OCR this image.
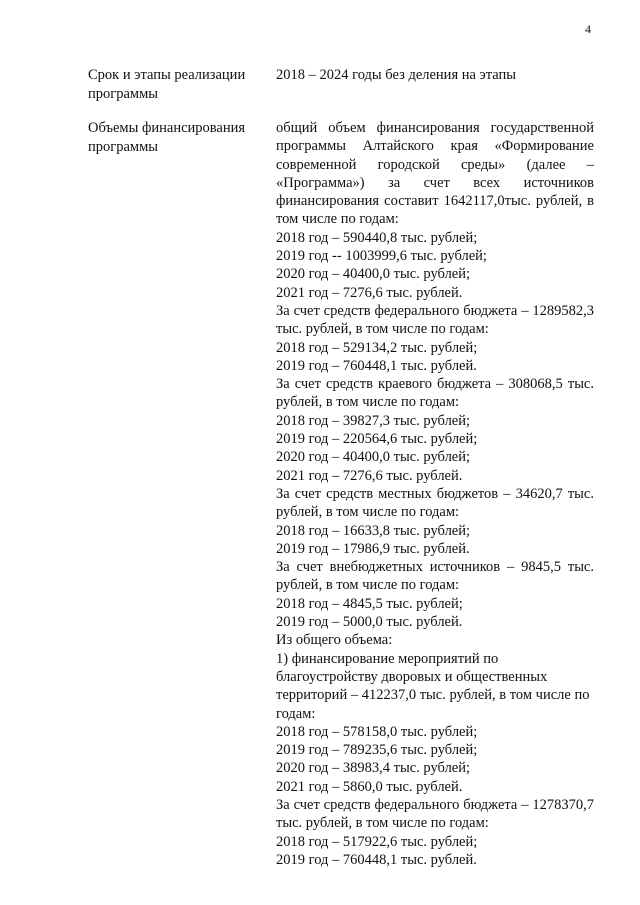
4
Срок и этапы реализации программы
2018 – 2024 годы без деления на этапы
Объемы финансирования программы
общий объем финансирования государственной программы Алтайского края «Формирование современной городской среды» (далее – «Программа») за счет всех источников финансирования составит 1642117,0тыс. рублей, в том числе по годам:
2018 год – 590440,8 тыс. рублей;
2019 год -- 1003999,6 тыс. рублей;
2020 год – 40400,0 тыс. рублей;
2021 год – 7276,6 тыс. рублей.
За счет средств федерального бюджета – 1289582,3 тыс. рублей, в том числе по годам:
2018 год – 529134,2 тыс. рублей;
2019 год – 760448,1 тыс. рублей.
За счет средств краевого бюджета – 308068,5 тыс. рублей, в том числе по годам:
2018 год – 39827,3 тыс. рублей;
2019 год – 220564,6 тыс. рублей;
2020 год – 40400,0 тыс. рублей;
2021 год – 7276,6 тыс. рублей.
За счет средств местных бюджетов – 34620,7 тыс. рублей, в том числе по годам:
2018 год – 16633,8 тыс. рублей;
2019 год – 17986,9 тыс. рублей.
За счет внебюджетных источников – 9845,5 тыс. рублей, в том числе по годам:
2018 год – 4845,5 тыс. рублей;
2019 год – 5000,0 тыс. рублей.
Из общего объема:
1) финансирование мероприятий по благоустройству дворовых и общественных территорий – 412237,0 тыс. рублей, в том числе по годам:
2018 год – 578158,0 тыс. рублей;
2019 год – 789235,6 тыс. рублей;
2020 год – 38983,4 тыс. рублей;
2021 год – 5860,0 тыс. рублей.
За счет средств федерального бюджета – 1278370,7 тыс. рублей, в том числе по годам:
2018 год – 517922,6 тыс. рублей;
2019 год – 760448,1 тыс. рублей.
